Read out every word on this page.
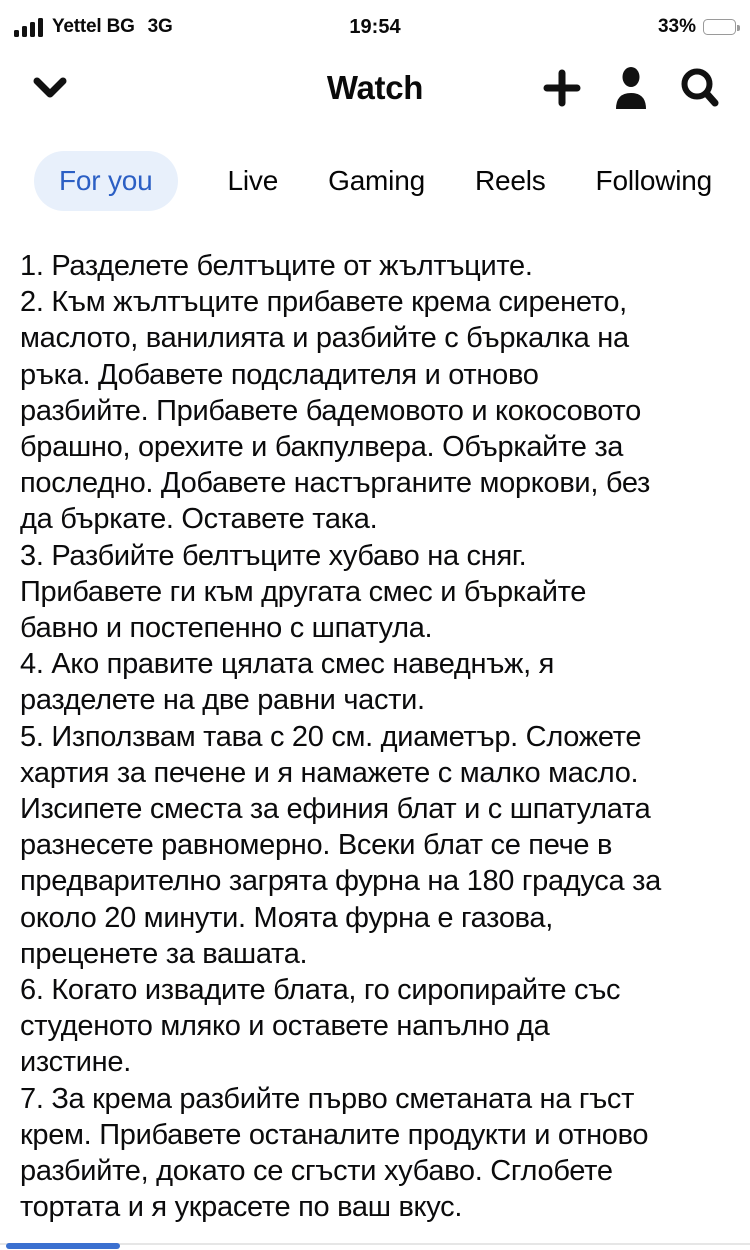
Yettel BG 3G	19:54	33%
Watch
For you	Live Gaming Reels Following
1. Разделете белтъците от жълтъците.
2. Към жълтъците прибавете крема сиренето,
маслото, ванилията и разбийте с бъркалка на
ръка. Добавете подсладителя и отново
разбийте. Прибавете бадемовото и кокосовото
брашно, орехите и бакпулвера. Объркайте за
последно. Добавете настърганите моркови, без
да бъркате. Оставете така.
3. Разбийте белтъците хубаво на сняг.
Прибавете ги към другата смес и бъркайте
бавно и постепенно с шпатула.
4. Ако правите цялата смес наведнъж, я
разделете на две равни части.
5. Използвам тава с 20 см. диаметър. Сложете
хартия за печене и я намажете с малко масло.
Изсипете сместа за ефиния блат и с шпатулата
разнесете равномерно. Всеки блат се пече в
предварително загрята фурна на 180 градуса за
около 20 минути. Моята фурна е газова,
преценете за вашата.
6. Когато извадите блата, го сиропирайте със
студеното мляко и оставете напълно да
изстине.
7. За крема разбийте първо сметаната на гъст
крем. Прибавете останалите продукти и отново
разбийте, докато се сгъсти хубаво. Сглобете
тортата и я украсете по ваш вкус.
